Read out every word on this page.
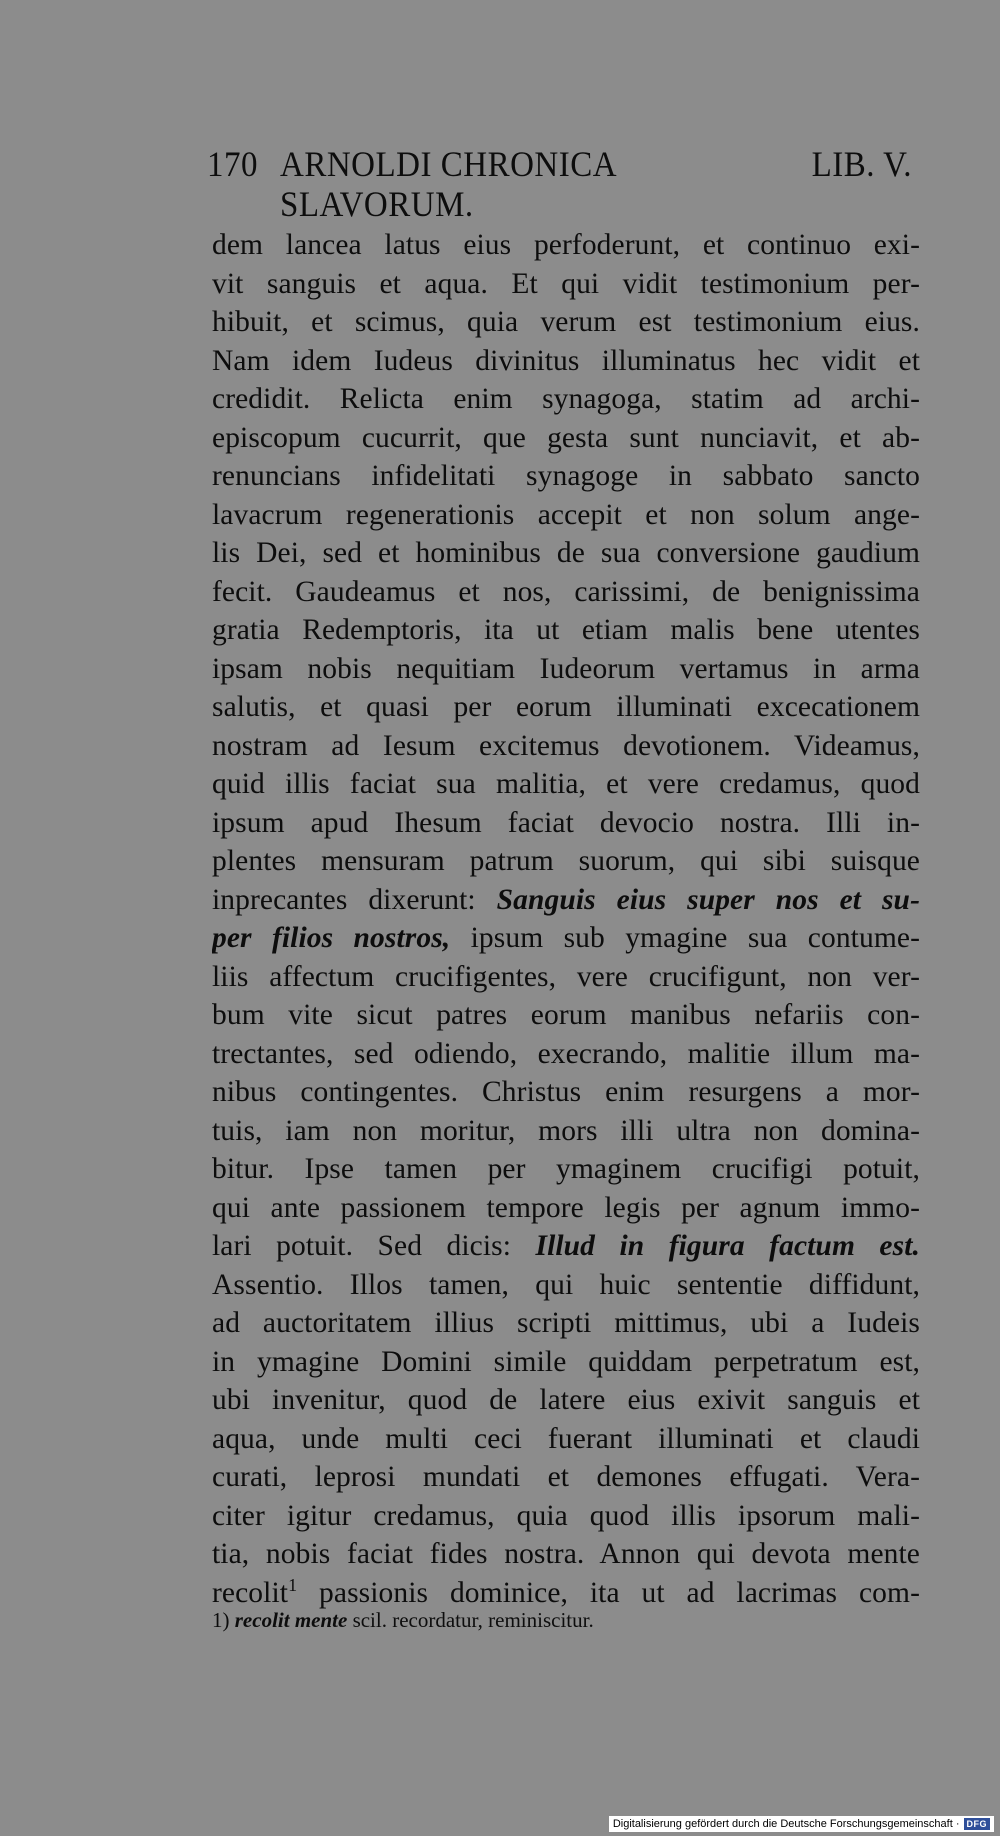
170 ARNOLDI CHRONICA SLAVORUM.
LIB. V.
dem lancea latus eius perfoderunt, et continuo exi-
vit sanguis et aqua. Et qui vidit testimonium per-
hibuit, et scimus, quia verum est testimonium eius.
Nam idem Iudeus divinitus illuminatus hec vidit et
credidit. Relicta enim synagoga, statim ad archi-
episcopum cucurrit, que gesta sunt nunciavit, et ab-
renuncians infidelitati synagoge in sabbato sancto
lavacrum regenerationis accepit et non solum ange-
lis Dei, sed et hominibus de sua conversione gaudium
fecit. Gaudeamus et nos, carissimi, de benignissima
gratia Redemptoris, ita ut etiam malis bene utentes
ipsam nobis nequitiam Iudeorum vertamus in arma
salutis, et quasi per eorum illuminati excecationem
nostram ad Iesum excitemus devotionem. Videamus,
quid illis faciat sua malitia, et vere credamus, quod
ipsum apud Ihesum faciat devocio nostra. Illi in-
plentes mensuram patrum suorum, qui sibi suisque
inprecantes dixerunt: Sanguis eius super nos et su-
per filios nostros, ipsum sub ymagine sua contume-
liis affectum crucifigentes, vere crucifigunt, non ver-
bum vite sicut patres eorum manibus nefariis con-
trectantes, sed odiendo, execrando, malitie illum ma-
nibus contingentes. Christus enim resurgens a mor-
tuis, iam non moritur, mors illi ultra non domina-
bitur. Ipse tamen per ymaginem crucifigi potuit,
qui ante passionem tempore legis per agnum immo-
lari potuit. Sed dicis: Illud in figura factum est.
Assentio. Illos tamen, qui huic sententie diffidunt,
ad auctoritatem illius scripti mittimus, ubi a Iudeis
in ymagine Domini simile quiddam perpetratum est,
ubi invenitur, quod de latere eius exivit sanguis et
aqua, unde multi ceci fuerant illuminati et claudi
curati, leprosi mundati et demones effugati. Vera-
citer igitur credamus, quia quod illis ipsorum mali-
tia, nobis faciat fides nostra. Annon qui devota mente
recolit$^1$ passionis dominice, ita ut ad lacrimas com-
1) recolit mente scil. recordatur, reminiscitur.
Digitalisierung gefördert durch die Deutsche Forschungsgemeinschaft · DFG
